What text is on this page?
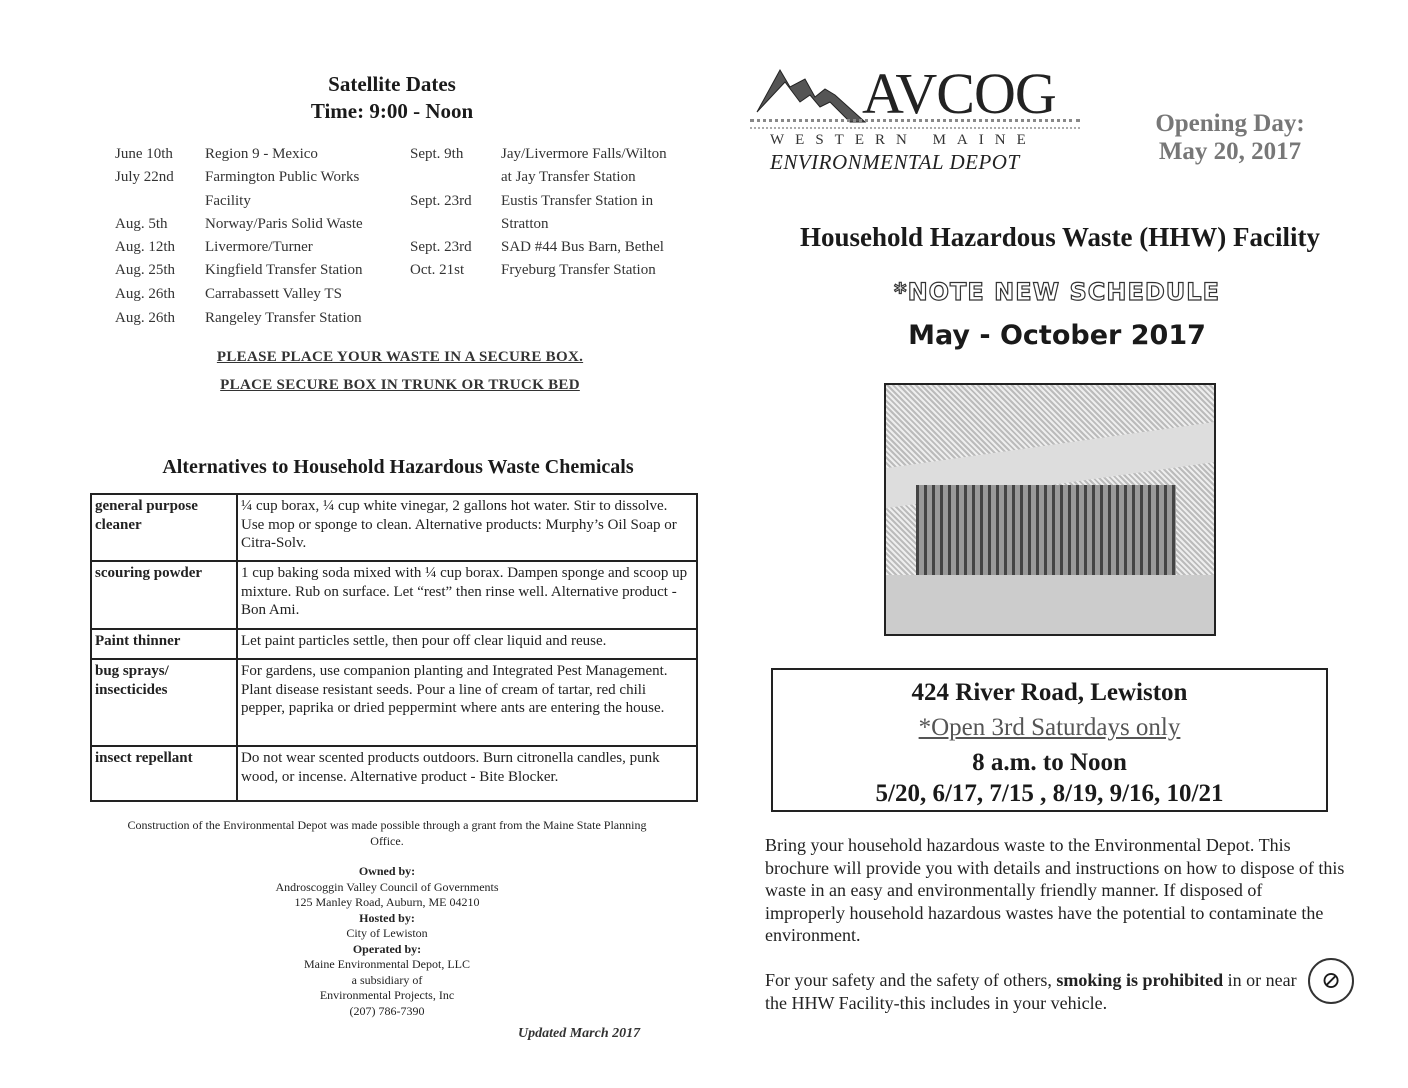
Satellite Dates
Time: 9:00 - Noon
June 10th Region 9 - Mexico
July 22nd Farmington Public Works
Facility
Aug. 5th	Norway/Paris Solid Waste
Aug. 12th Livermore/Turner
Aug. 25th Kingfield Transfer Station
Aug. 26th Carrabassett Valley TS
Aug. 26th Rangeley Transfer Station
Sept. 9th	Jay/Livermore Falls/Wilton
at Jay Transfer Station
Sept. 23rd Eustis Transfer Station in
Stratton
Sept. 23rd SAD #44 Bus Barn, Bethel
Oct. 21st Fryeburg Transfer Station
PLEASE PLACE YOUR WASTE IN A SECURE BOX.
PLACE SECURE BOX IN TRUNK OR TRUCK BED
Alternatives to Household Hazardous Waste Chemicals
general purpose cleaner	¼ cup borax, ¼ cup white vinegar, 2 gallons hot water. Stir to dissolve. Use mop or sponge to clean. Alternative products: Murphy’s Oil Soap or Citra-Solv.
scouring powder	1 cup baking soda mixed with ¼ cup borax. Dampen sponge and scoop up mixture. Rub on surface. Let “rest” then rinse well. Alternative product - Bon Ami.
Paint thinner	Let paint particles settle, then pour off clear liquid and reuse.
bug sprays/ insecticides	For gardens, use companion planting and Integrated Pest Management. Plant disease resistant seeds. Pour a line of cream of tartar, red chili pepper, paprika or dried peppermint where ants are entering the house.
insect repellant	Do not wear scented products outdoors. Burn citronella candles, punk wood, or incense. Alternative product - Bite Blocker.
Construction of the Environmental Depot was made possible through a grant from the Maine State Planning Office.
Owned by:
Androscoggin Valley Council of Governments
125 Manley Road, Auburn, ME 04210
Hosted by:
City of Lewiston
Operated by:
Maine Environmental Depot, LLC
a subsidiary of
Environmental Projects, Inc
(207) 786-7390
Updated March 2017
AVCOG
WESTERN MAINE
ENVIRONMENTAL DEPOT
Opening Day:
May 20, 2017
Household Hazardous Waste (HHW) Facility
*NOTE NEW SCHEDULE
May - October 2017
424 River Road, Lewiston
*Open 3rd Saturdays only
8 a.m. to Noon
5/20, 6/17, 7/15 , 8/19, 9/16, 10/21
Bring your household hazardous waste to the Environmental Depot. This brochure will provide you with details and instructions on how to dispose of this waste in an easy and environmentally friendly manner. If disposed of improperly household hazardous wastes have the potential to contaminate the environment.
For your safety and the safety of others, smoking is prohibited in or near the HHW Facility-this includes in your vehicle.
⊘
